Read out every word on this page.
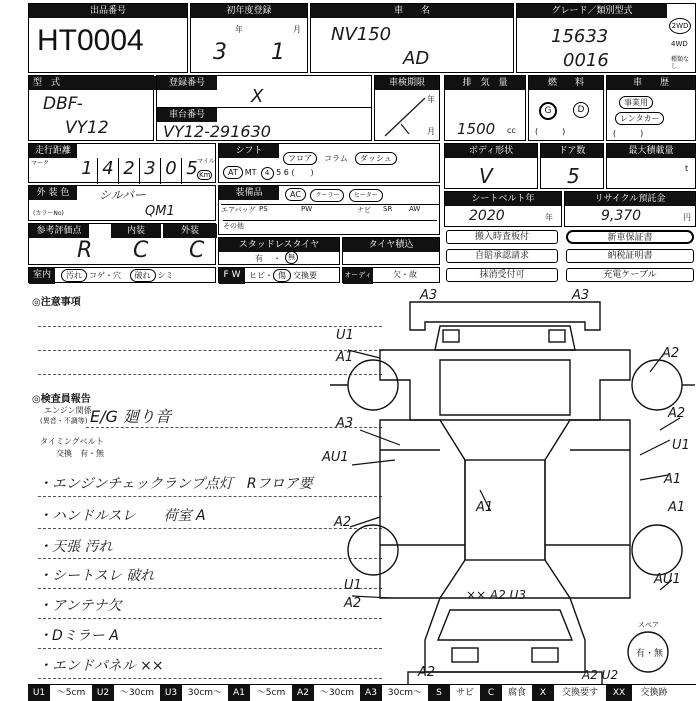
出品番号
HT0004
初年度登録
年	月
3 1
車　　名
NV150
AD
グレード／類別型式
15633
0016
2WD
4WD
種類なし
型　式
DBF-
VY12
登録番号
X
車台番号
VY12-291630
車検期限
年
月
排　気　量
1500 cc
燃　　料
G	D
(　　　)
車　　歴
事業用
レンタカー
(　　　)
走行距離
マーク 1 4 2 3 0 5 マイル
Km
シフト
フロア コラム ダッシュ
AT MT 4 5 6 (　　)
ボディ形状
V
ドア数
5
最大積載量
t
外 装 色	シルバー
(カラーNo)	QM1
装備品	AC クーラー ヒーター
エアバッグ PS	PW	ナビ	SR	AW
その他
シートベルト年
2020	年
リサイクル預託金
9,370	円
参考評価点	内装	外装
R C C	スタッドレスタイヤ
有 ・	無
タイヤ積込
搬入時査板付	新車保証書
自賠承認請求	納税証明書
抹消受付可	充電ケーブル
室内	汚れ コゲ・穴 破れ シミ	F W	ヒビ・ 傷 交換要	オーディオ
欠・故
◎注意事項
◎検査員報告
エンジン関係
(異音・不調等) E/G 廻り音
タイミングベルト
交換　 有・無
・エンジンチェックランプ点灯　Rフロア要
・ハンドルスレ　　荷室 A
・天張 汚れ
・シートスレ 破れ
・アンテナ欠
・Dミラー A
・エンドパネル ××
A3	A3
U1
A1	A2
A3
A2
AU1
U1
A1
A1
A2
A1
U1
A2
AU1
×× A2 U3
A2	A2 U2
スペア
有・無
U1	〜5cm	U2	〜30cm	U3	30cm〜	A1	〜5cm	A2	〜30cm	A3	30cm〜	S	サビ	C	腐食	X	交換要す	XX	交換跡
